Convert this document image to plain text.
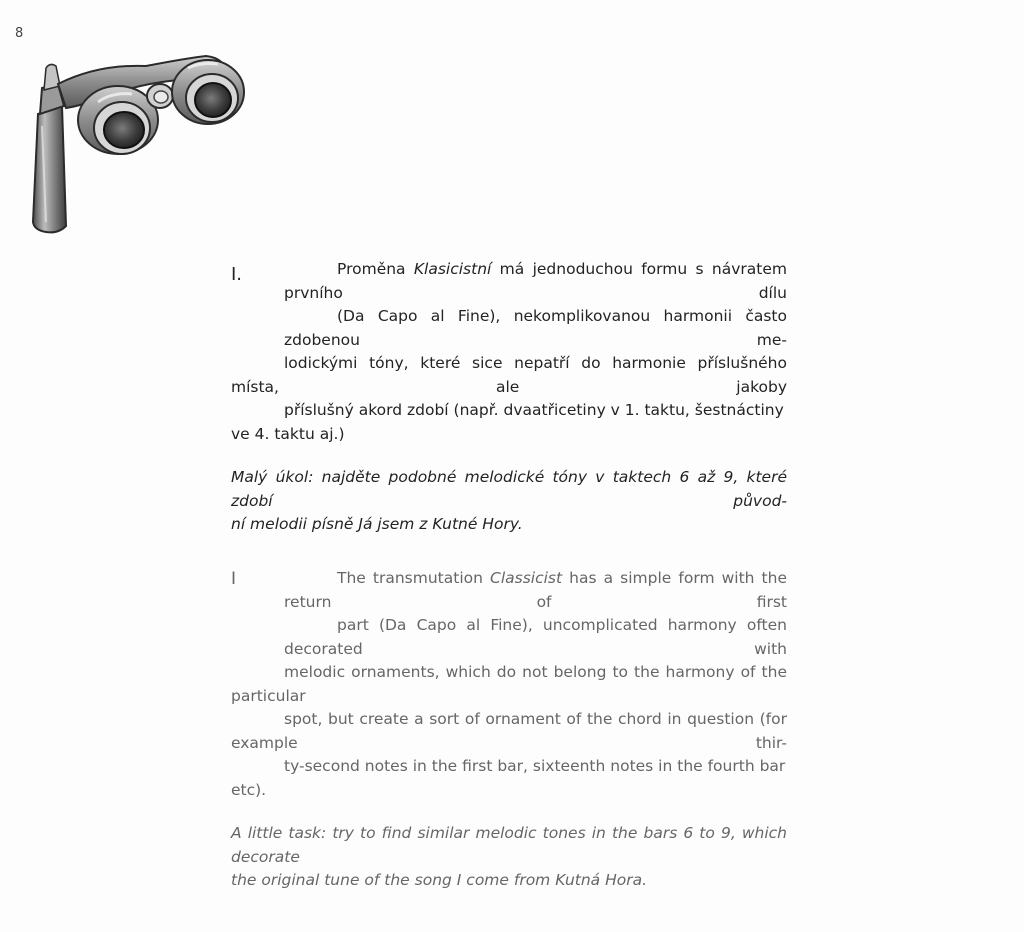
8
I.	Proměna Klasicistní má jednoduchou formu s návratem prvního dílu
(Da Capo al Fine), nekomplikovanou harmonii často zdobenou me-
lodickými tóny, které sice nepatří do harmonie příslušného místa, ale jakoby
příslušný akord zdobí (např. dvaatřicetiny v 1. taktu, šestnáctiny ve 4. taktu aj.)
Malý úkol: najděte podobné melodické tóny v taktech 6 až 9, které zdobí původ-
ní melodii písně Já jsem z Kutné Hory.
I	The transmutation Classicist has a simple form with the return of first
part (Da Capo al Fine), uncomplicated harmony often decorated with
melodic ornaments, which do not belong to the harmony of the particular
spot, but create a sort of ornament of the chord in question (for example thir-
ty-second notes in the first bar, sixteenth notes in the fourth bar etc).
A little task: try to find similar melodic tones in the bars 6 to 9, which decorate
the original tune of the song I come from Kutná Hora.
